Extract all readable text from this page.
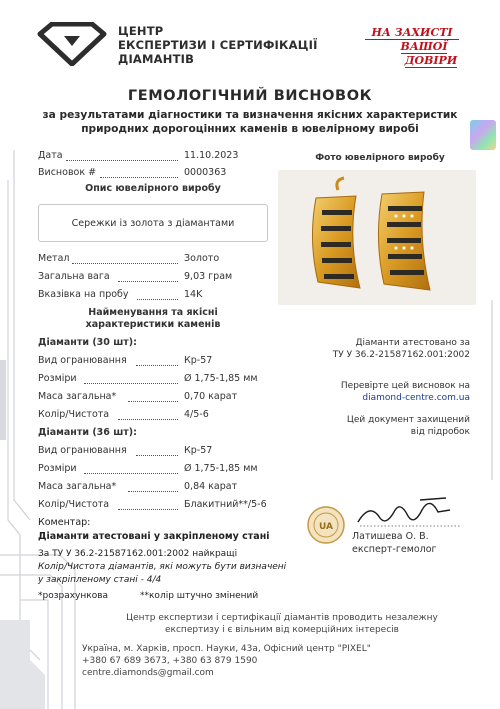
ЦЕНТР
ЕКСПЕРТИЗИ І СЕРТИФІКАЦІЇ
ДІАМАНТІВ
НА ЗАХИСТІ
ВАШОЇ
ДОВІРИ
ГЕМОЛОГІЧНИЙ ВИСНОВОК
за результатами діагностики та визначення якісних характеристик
природних дорогоцінних каменів в ювелірному виробі
Дата	11.10.2023
Висновок #	0000363
Опис ювелірного виробу
Сережки із золота з діамантами
Метал	Золото
Загальна вага	9,03 грам
Вказівка на пробу	14K
Найменування та якісні
характеристики каменів
Діаманти (30 шт):
Вид огранювання	Кр-57
Розміри	Ø 1,75-1,85 мм
Маса загальна*	0,70 карат
Колір/Чистота	4/5-6
Діаманти (36 шт):
Вид огранювання	Кр-57
Розміри	Ø 1,75-1,85 мм
Маса загальна*	0,84 карат
Колір/Чистота	Блакитний**/5-6
Фото ювелірного виробу
Діаманти атестовано за
ТУ У 36.2-21587162.001:2002
Перевірте цей висновок на
diamond-centre.com.ua
Цей документ захищений
від підробок
UA
Латишева О. В.
експерт-гемолог
Коментар:
Діаманти атестовані у закріпленому стані
За ТУ У 36.2-21587162.001:2002 найкращі
Колір/Чистота діамантів, які можуть бути визначені
у закріпленому стані - 4/4
*розрахункова	**колір штучно змінений
Центр експертизи і сертифікації діамантів проводить незалежну
експертизу і є вільним від комерційних інтересів
Україна, м. Харків, просп. Науки, 43а, Офісний центр "PIXEL"
+380 67 689 3673, +380 63 879 1590
centre.diamonds@gmail.com
